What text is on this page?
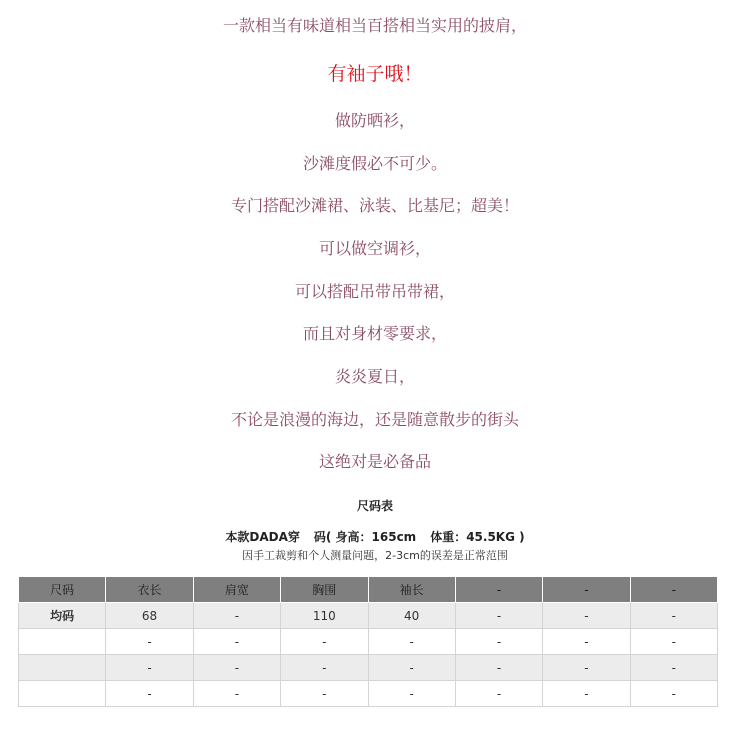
一款相当有味道相当百搭相当实用的披肩，
有袖子哦！
做防晒衫，
沙滩度假必不可少。
专门搭配沙滩裙、泳装、比基尼；超美！
可以做空调衫，
可以搭配吊带吊带裙，
而且对身材零要求，
炎炎夏日，
不论是浪漫的海边，还是随意散步的街头
这绝对是必备品
尺码表
本款DADA穿 码( 身高：165cm 体重：45.5KG )
因手工裁剪和个人测量问题，2-3cm的误差是正常范围
尺码	衣长	肩宽	胸围	袖长	-	-	-
均码	68	-	110	40	-	-	-
	-	-	-	-	-	-	-
	-	-	-	-	-	-	-
	-	-	-	-	-	-	-
